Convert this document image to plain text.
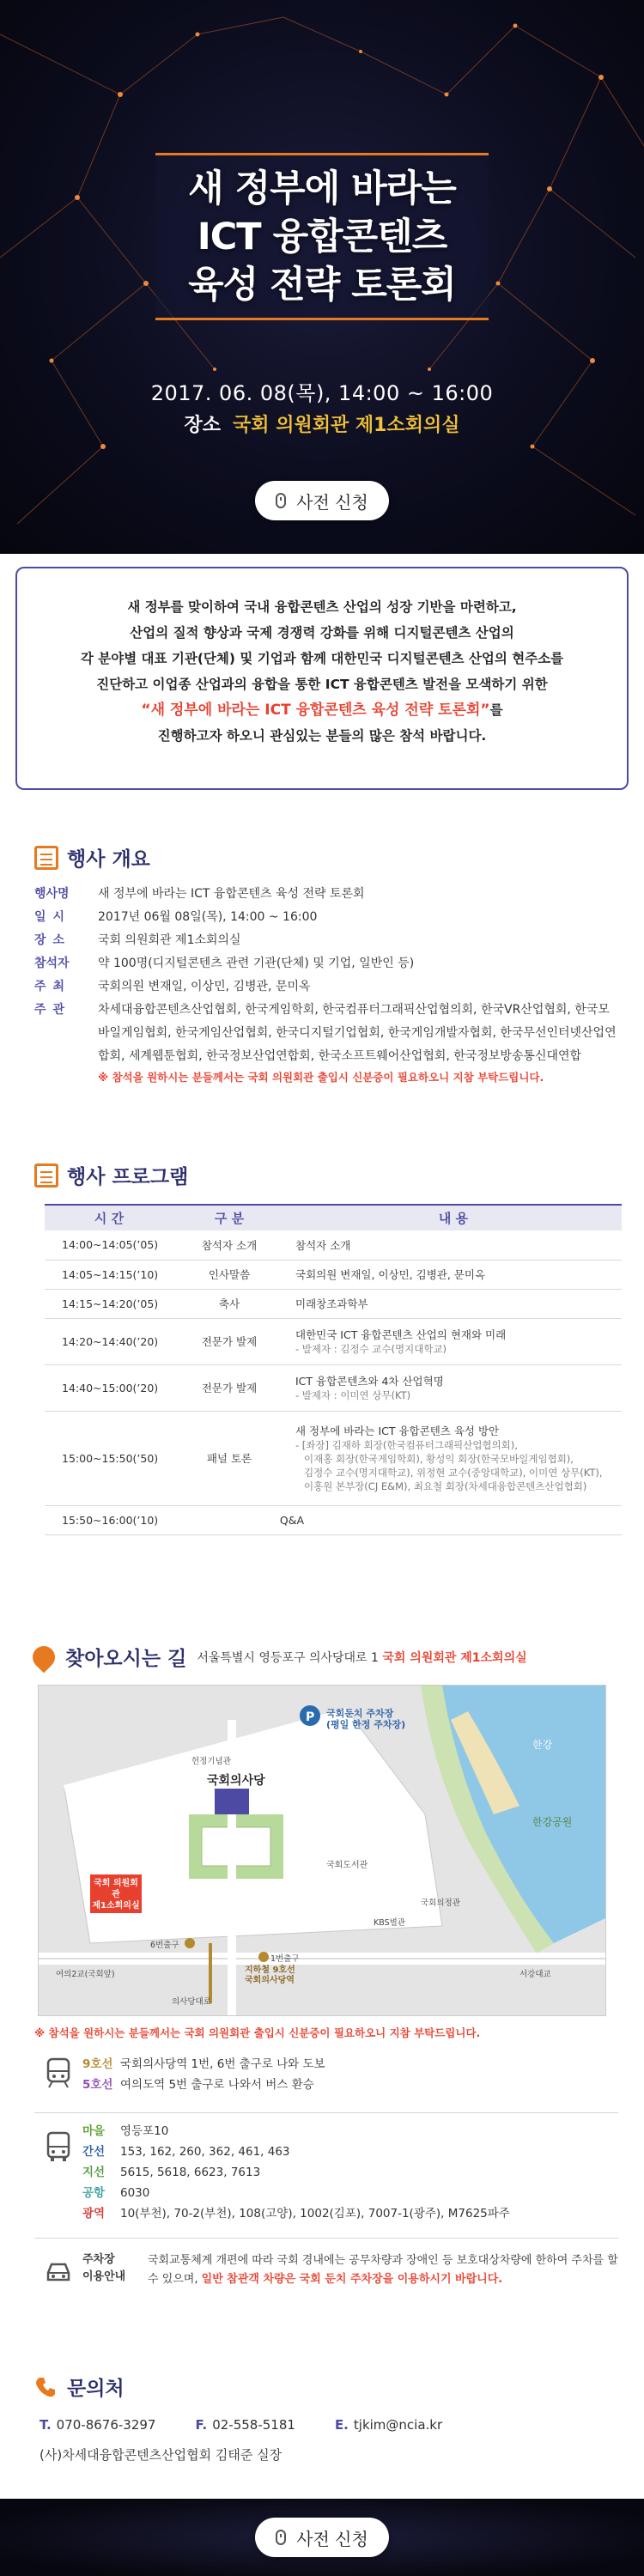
새 정부에 바라는
ICT 융합콘텐츠
육성 전략 토론회
2017. 06. 08(목), 14:00 ~ 16:00
장소 국회 의원회관 제1소회의실
사전 신청
새 정부를 맞이하여 국내 융합콘텐츠 산업의 성장 기반을 마련하고,
산업의 질적 향상과 국제 경쟁력 강화를 위해 디지털콘텐츠 산업의
각 분야별 대표 기관(단체) 및 기업과 함께 대한민국 디지털콘텐츠 산업의 현주소를
진단하고 이업종 산업과의 융합을 통한 ICT 융합콘텐츠 발전을 모색하기 위한
“새 정부에 바라는 ICT 융합콘텐츠 육성 전략 토론회”를
진행하고자 하오니 관심있는 분들의 많은 참석 바랍니다.
행사 개요
행사명	새 정부에 바라는 ICT 융합콘텐츠 육성 전략 토론회
일시	2017년 06월 08일(목), 14:00 ~ 16:00
장소	국회 의원회관 제1소회의실
참석자	약 100명(디지털콘텐츠 관련 기관(단체) 및 기업, 일반인 등)
주최	국회의원 변재일, 이상민, 김병관, 문미옥
주관	차세대융합콘텐츠산업협회, 한국게임학회, 한국컴퓨터그래픽산업협의회, 한국VR산업협회, 한국모바일게임협회, 한국게임산업협회, 한국디지털기업협회, 한국게임개발자협회, 한국무선인터넷산업연합회, 세계웹툰협회, 한국정보산업연합회, 한국소프트웨어산업협회, 한국정보방송통신대연합
※ 참석을 원하시는 분들께서는 국회 의원회관 출입시 신분증이 필요하오니 지참 부탁드립니다.
행사 프로그램
시 간	구 분	내 용
14:00~14:05(’05)	참석자 소개	참석자 소개
14:05~14:15(’10)	인사말씀	국회의원 변재일, 이상민, 김병관, 문미옥
14:15~14:20(’05)	축사	미래창조과학부
14:20~14:40(’20)	전문가 발제	대한민국 ICT 융합콘텐츠 산업의 현재와 미래
- 발제자 : 김정수 교수(명지대학교)

14:40~15:00(’20)	전문가 발제	ICT 융합콘텐츠와 4차 산업혁명
- 발제자 : 이미연 상무(KT)

15:00~15:50(’50)	패널 토론	새 정부에 바라는 ICT 융합콘텐츠 육성 방안
- [좌장] 김재하 회장(한국컴퓨터그래픽산업협의회),
이재홍 회장(한국게임학회), 황성익 회장(한국모바일게임협회),
김정수 교수(명지대학교), 위정현 교수(중앙대학교), 이미연 상무(KT),
이홍원 본부장(CJ E&M), 최요철 회장(차세대융합콘텐츠산업협회)

15:50~16:00(’10)	Q&A	
찾아오시는 길 서울특별시 영등포구 의사당대로 1 국회 의원회관 제1소회의실
P 국회둔치 주차장
(평일 한정 주차장)
한강
한강공원
국회의사당
국회도서관
국회 의원회관
제1소회의실
6번출구
1번출구
지하철 9호선
국회의사당역
의사당대로
여의2교(국회앞)	서강대교
헌정기념관
국회의정관
KBS별관
※ 참석을 원하시는 분들께서는 국회 의원회관 출입시 신분증이 필요하오니 지참 부탁드립니다.
9호선 국회의사당역 1번, 6번 출구로 나와 도보
5호선 여의도역 5번 출구로 나와서 버스 환승
마을 영등포10
간선 153, 162, 260, 362, 461, 463
지선 5615, 5618, 6623, 7613
공항 6030
광역 10(부천), 70-2(부천), 108(고양), 1002(김포), 7007-1(광주), M7625파주
주차장
이용안내
국회교통체계 개편에 따라 국회 경내에는 공무차량과 장애인 등 보호대상차량에 한하여 주차를 할 수 있으며, 일반 참관객 차량은 국회 둔치 주차장을 이용하시기 바랍니다.
문의처
T. 070-8676-3297	F. 02-558-5181	E. tjkim@ncia.kr
(사)차세대융합콘텐츠산업협회 김태준 실장
사전 신청
